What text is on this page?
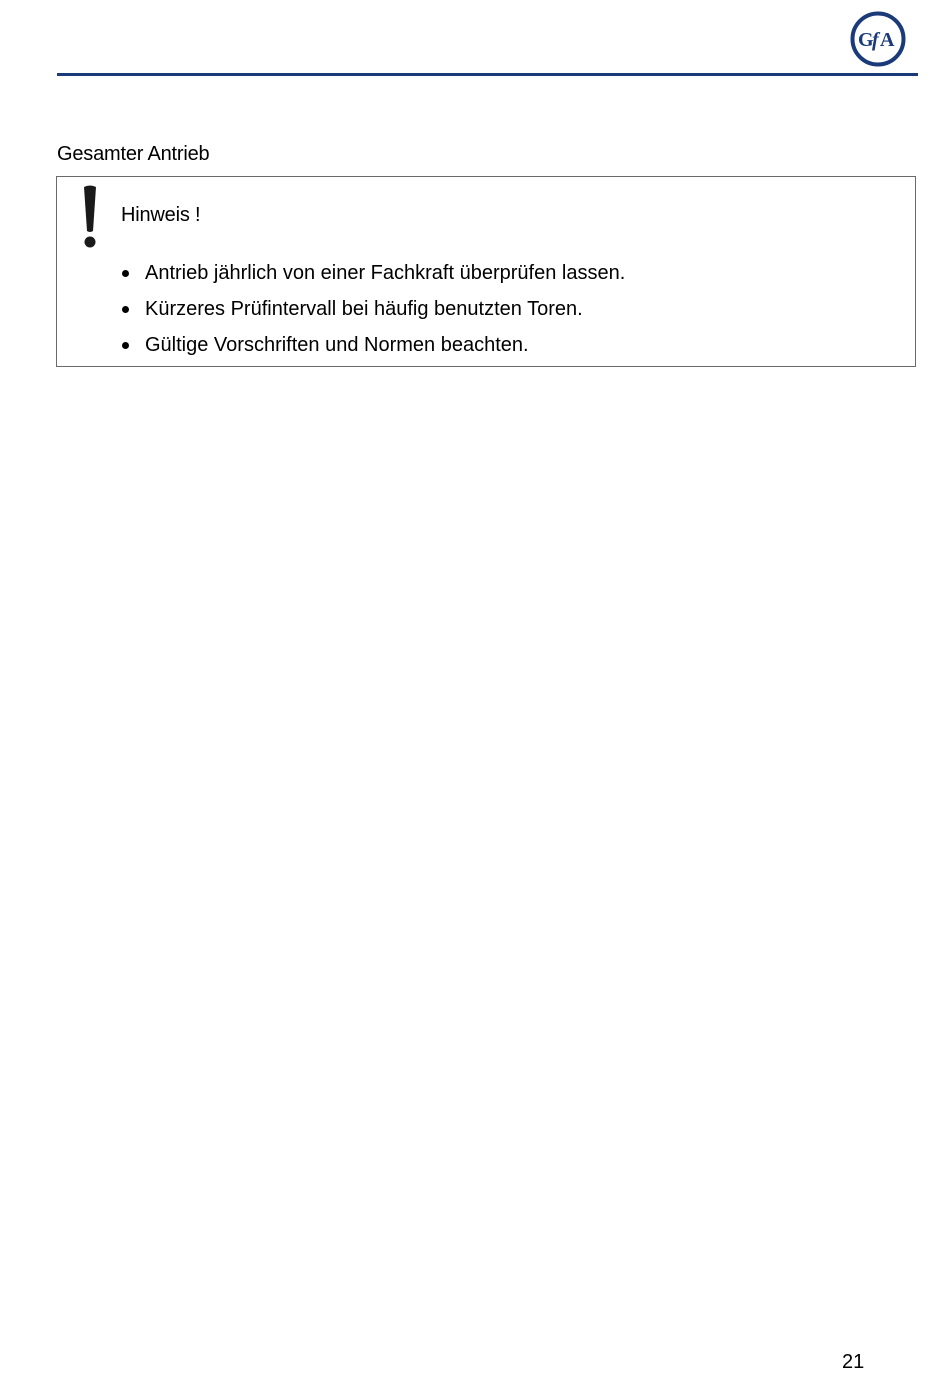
G
f A
Gesamter Antrieb
Hinweis !
Antrieb jährlich von einer Fachkraft überprüfen lassen.
Kürzeres Prüfintervall bei häufig benutzten Toren.
Gültige Vorschriften und Normen beachten.
21
